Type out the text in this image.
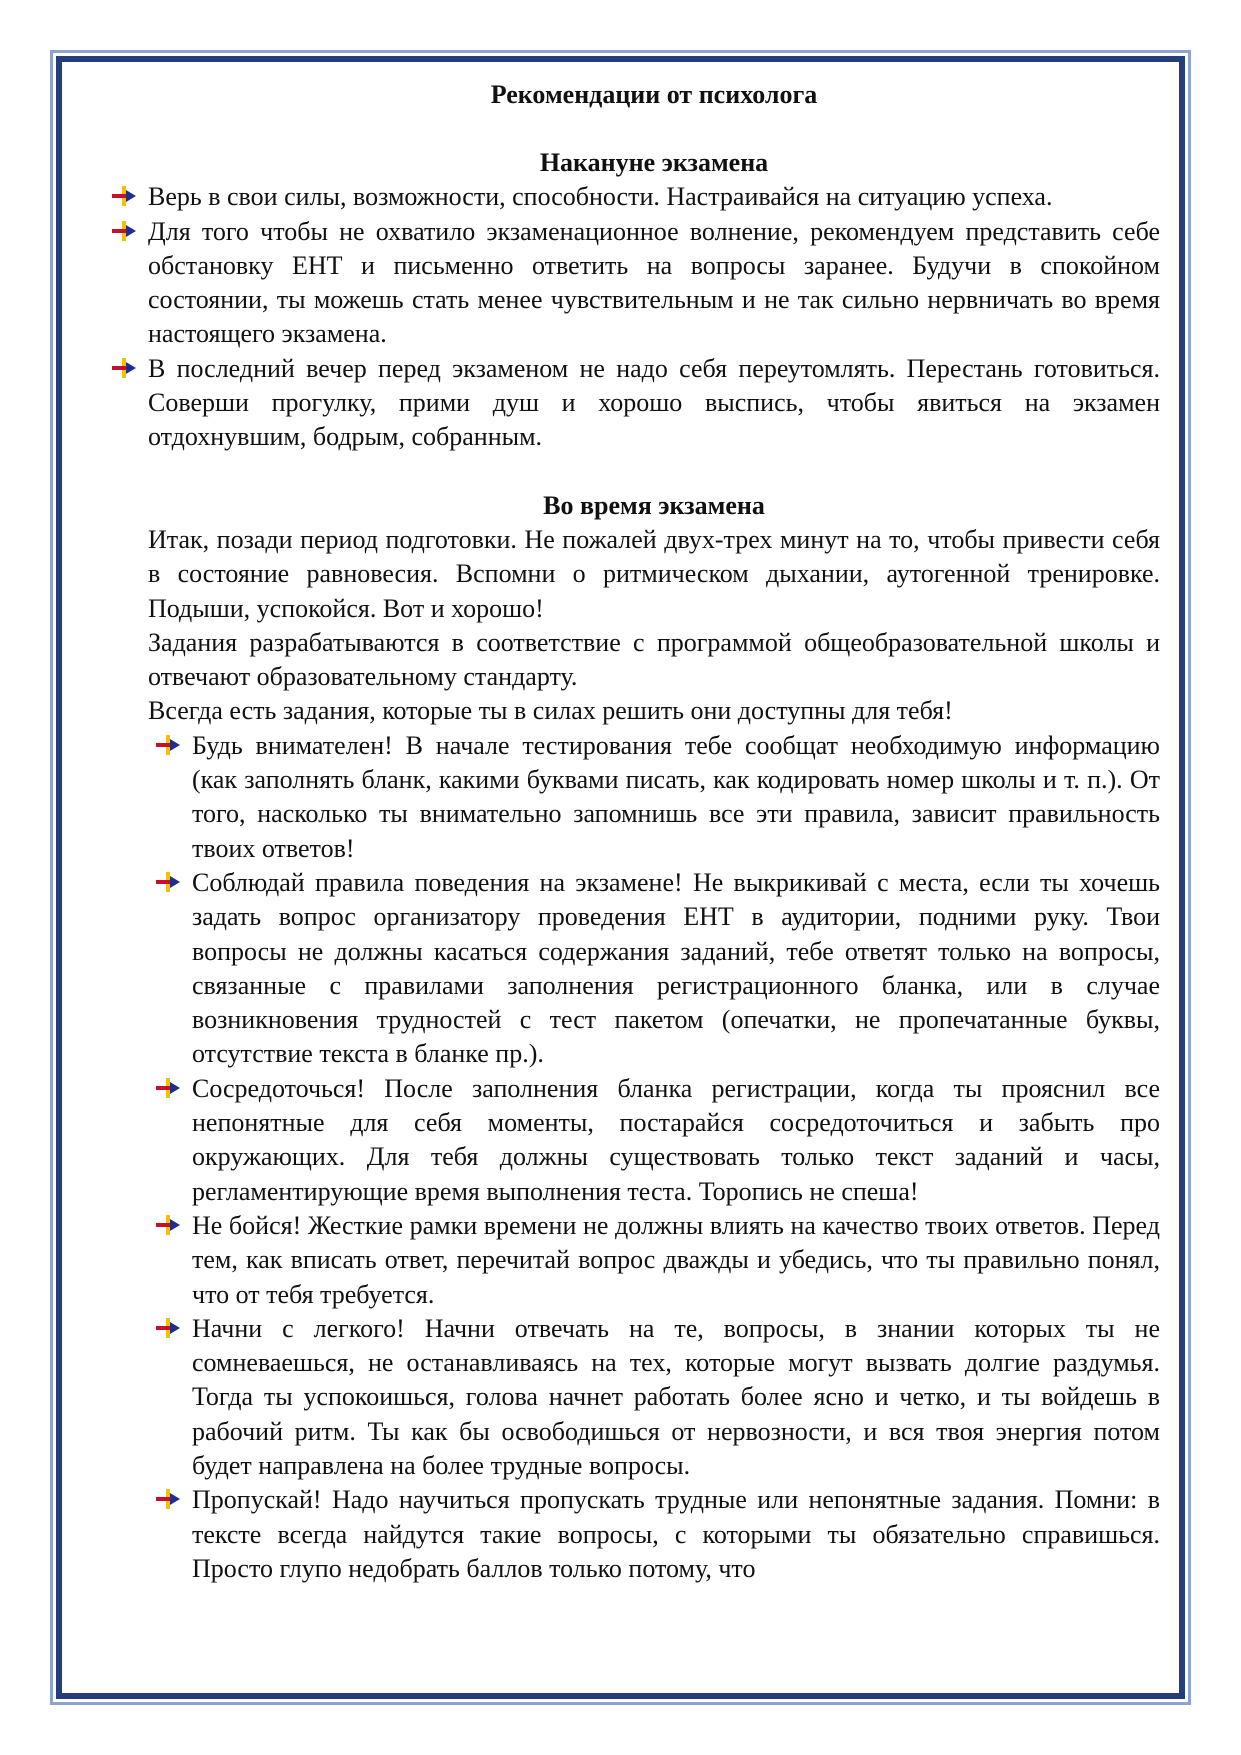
Рекомендации от психолога
Накануне экзамена
Верь в свои силы, возможности, способности. Настраивайся на ситуацию успеха.
Для того чтобы не охватило экзаменационное волнение, рекомендуем представить себе обстановку ЕНТ и письменно ответить на вопросы заранее. Будучи в спокойном состоянии, ты можешь стать менее чувствительным и не так сильно нервничать во время настоящего экзамена.
В последний вечер перед экзаменом не надо себя переутомлять. Перестань готовиться. Соверши прогулку, прими душ и хорошо выспись, чтобы явиться на экзамен отдохнувшим, бодрым, собранным.
Во время экзамена

Итак, позади период подготовки. Не пожалей двух-трех минут на то, чтобы привести себя в состояние равновесия. Вспомни о ритмическом дыхании, аутогенной тренировке. Подыши, успокойся. Вот и хорошо!

Задания разрабатываются в соответствие с программой общеобразовательной школы и отвечают образовательному стандарту.

Всегда есть задания, которые ты в силах решить они доступны для тебя!

Будь внимателен! В начале тестирования тебе сообщат необходимую информацию (как заполнять бланк, какими буквами писать, как кодировать номер школы и т. п.). От того, насколько ты внимательно запомнишь все эти правила, зависит правильность твоих ответов!
Соблюдай правила поведения на экзамене! Не выкрикивай с места, если ты хочешь задать вопрос организатору проведения ЕНТ в аудитории, подними руку. Твои вопросы не должны касаться содержания заданий, тебе ответят только на вопросы, связанные с правилами заполнения регистрационного бланка, или в случае возникновения трудностей с тест пакетом (опечатки, не пропечатанные буквы, отсутствие текста в бланке пр.).
Сосредоточься! После заполнения бланка регистрации, когда ты прояснил все непонятные для себя моменты, постарайся сосредоточиться и забыть про окружающих. Для тебя должны существовать только текст заданий и часы, регламентирующие время выполнения теста. Торопись не спеша!
Не бойся! Жесткие рамки времени не должны влиять на качество твоих ответов. Перед тем, как вписать ответ, перечитай вопрос дважды и убедись, что ты правильно понял, что от тебя требуется.
Начни с легкого! Начни отвечать на те, вопросы, в знании которых ты не сомневаешься, не останавливаясь на тех, которые могут вызвать долгие раздумья. Тогда ты успокоишься, голова начнет работать более ясно и четко, и ты войдешь в рабочий ритм. Ты как бы освободишься от нервозности, и вся твоя энергия потом будет направлена на более трудные вопросы.
Пропускай! Надо научиться пропускать трудные или непонятные задания. Помни: в тексте всегда найдутся такие вопросы, с которыми ты обязательно справишься. Просто глупо недобрать баллов только потому, что
